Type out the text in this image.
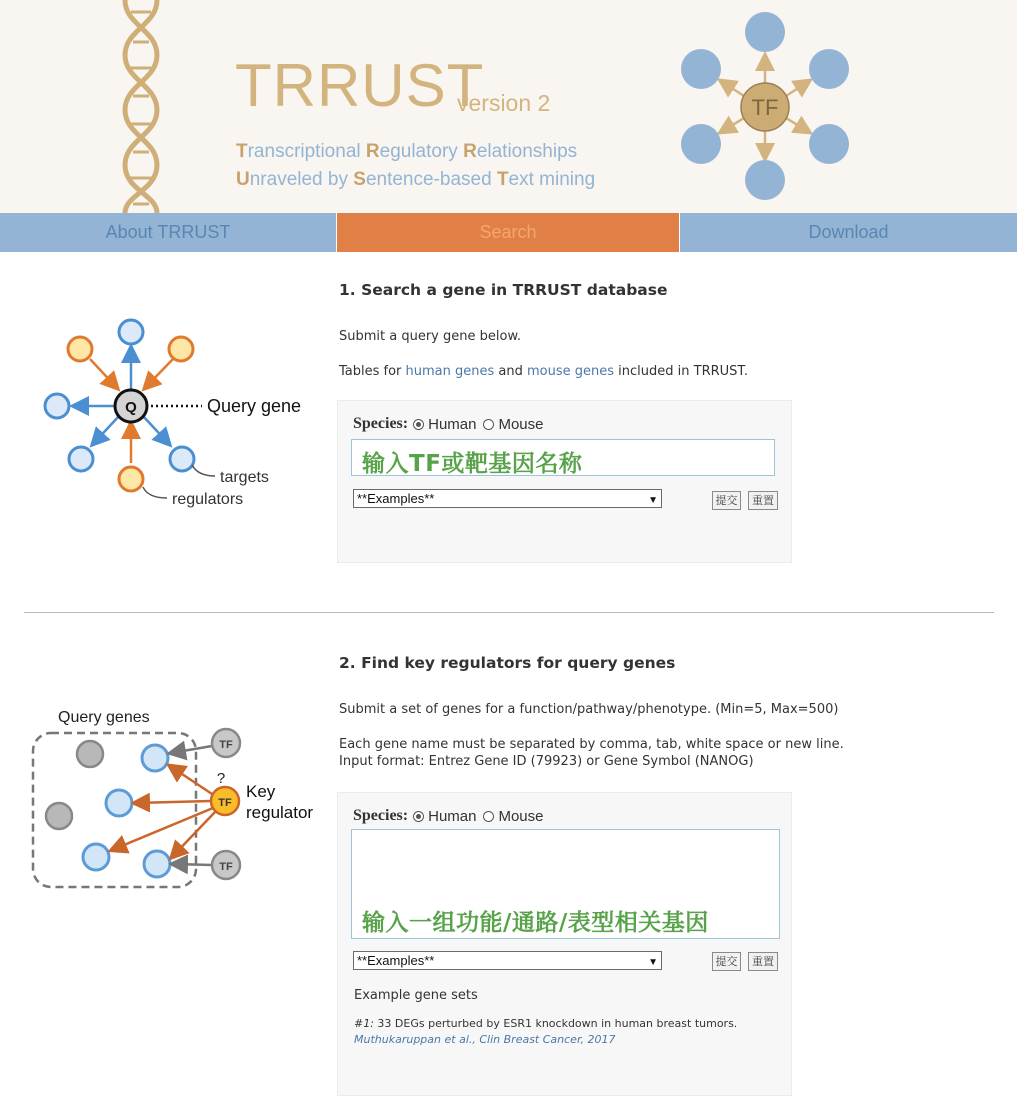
TRRUST
version 2
Transcriptional Regulatory Relationships
Unraveled by Sentence-based Text mining
TF
About TRRUST	Search	Download
Q	Query gene
targets
regulators
1. Search a gene in TRRUST database
Submit a query gene below.
Tables for human genes and mouse genes included in TRRUST.
Species: Human Mouse
输入TF或靶基因名称
**Examples**	▼	提交	重置
Query genes
TF
TF
TF
?
Key
regulator
2. Find key regulators for query genes
Submit a set of genes for a function/pathway/phenotype. (Min=5, Max=500)
Each gene name must be separated by comma, tab, white space or new line.
Input format: Entrez Gene ID (79923) or Gene Symbol (NANOG)
Species: Human Mouse
输入一组功能/通路/表型相关基因
**Examples**	▼	提交	重置
Example gene sets
#1: 33 DEGs perturbed by ESR1 knockdown in human breast tumors.
Muthukaruppan et al., Clin Breast Cancer, 2017
